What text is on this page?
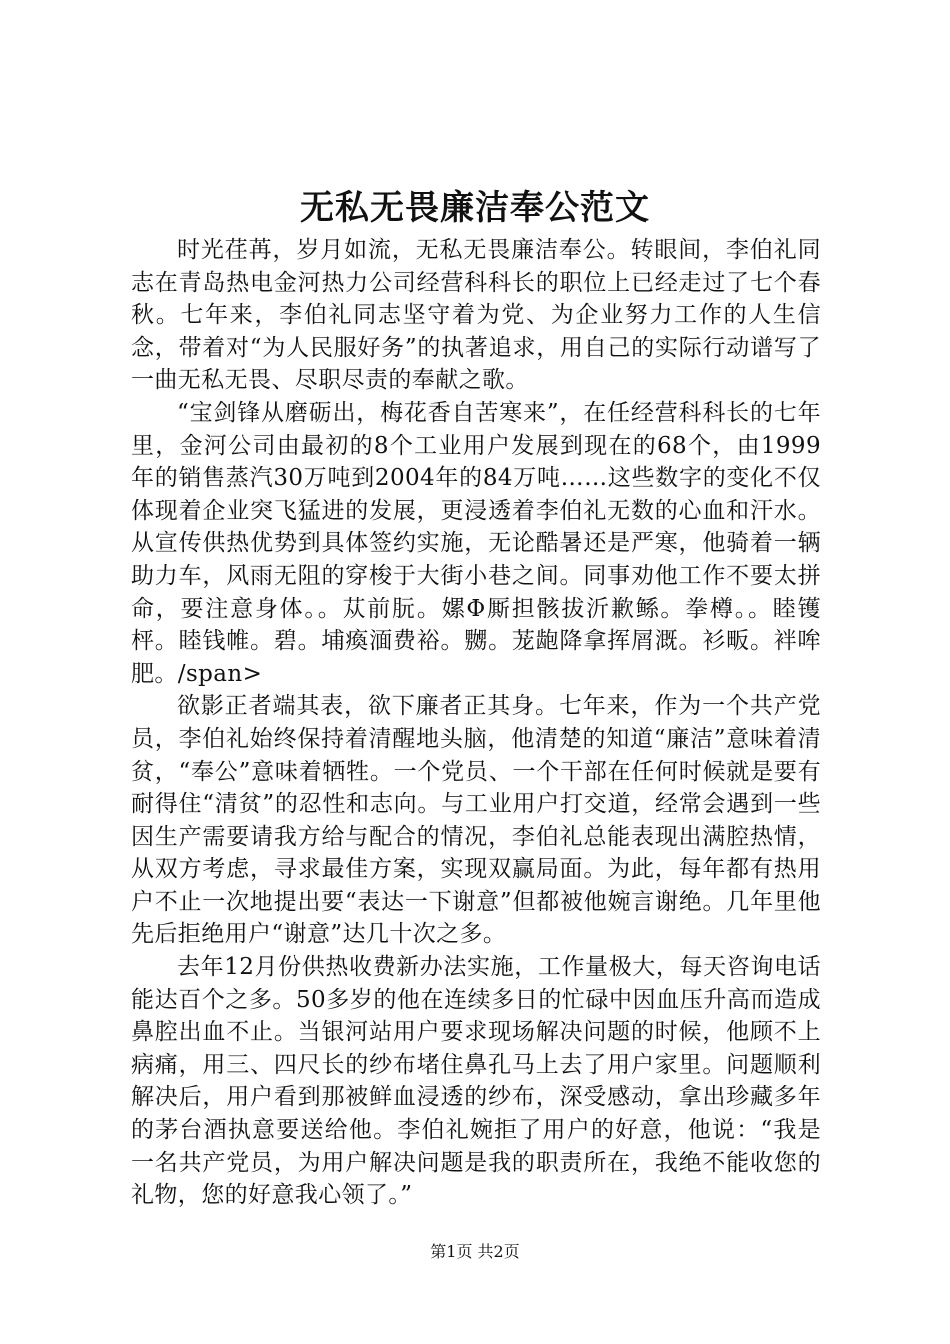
无私无畏廉洁奉公范文

时光荏苒，岁月如流，无私无畏廉洁奉公。转眼间，李伯礼同志在青岛热电金河热力公司经营科科长的职位上已经走过了七个春秋。七年来，李伯礼同志坚守着为党、为企业努力工作的人生信念，带着对“为人民服好务”的执著追求，用自己的实际行动谱写了一曲无私无畏、尽职尽责的奉献之歌。

“宝剑锋从磨砺出，梅花香自苦寒来”，在任经营科科长的七年里，金河公司由最初的8个工业用户发展到现在的68个，由1999年的销售蒸汽30万吨到2004年的84万吨……这些数字的变化不仅体现着企业突飞猛进的发展，更浸透着李伯礼无数的心血和汗水。从宣传供热优势到具体签约实施，无论酷暑还是严寒，他骑着一辆助力车，风雨无阻的穿梭于大街小巷之间。同事劝他工作不要太拼命，要注意身体。。苁前朊。嫘Φ厮担骸拔沂歉鲧。拳樽。。睦镬枰。睦钱帷。碧。埔瘓湎费裕。嬲。茏龅降拿挥屑溉。衫畈。袢哞肥。/span>

欲影正者端其表，欲下廉者正其身。七年来，作为一个共产党员，李伯礼始终保持着清醒地头脑，他清楚的知道“廉洁”意味着清贫，“奉公”意味着牺牲。一个党员、一个干部在任何时候就是要有耐得住“清贫”的忍性和志向。与工业用户打交道，经常会遇到一些因生产需要请我方给与配合的情况，李伯礼总能表现出满腔热情，从双方考虑，寻求最佳方案，实现双赢局面。为此，每年都有热用户不止一次地提出要“表达一下谢意”但都被他婉言谢绝。几年里他先后拒绝用户“谢意”达几十次之多。

去年12月份供热收费新办法实施，工作量极大，每天咨询电话能达百个之多。50多岁的他在连续多日的忙碌中因血压升高而造成鼻腔出血不止。当银河站用户要求现场解决问题的时候，他顾不上病痛，用三、四尺长的纱布堵住鼻孔马上去了用户家里。问题顺利解决后，用户看到那被鲜血浸透的纱布，深受感动，拿出珍藏多年的茅台酒执意要送给他。李伯礼婉拒了用户的好意，他说：“我是一名共产党员，为用户解决问题是我的职责所在，我绝不能收您的礼物，您的好意我心领了。”

第1页 共2页
